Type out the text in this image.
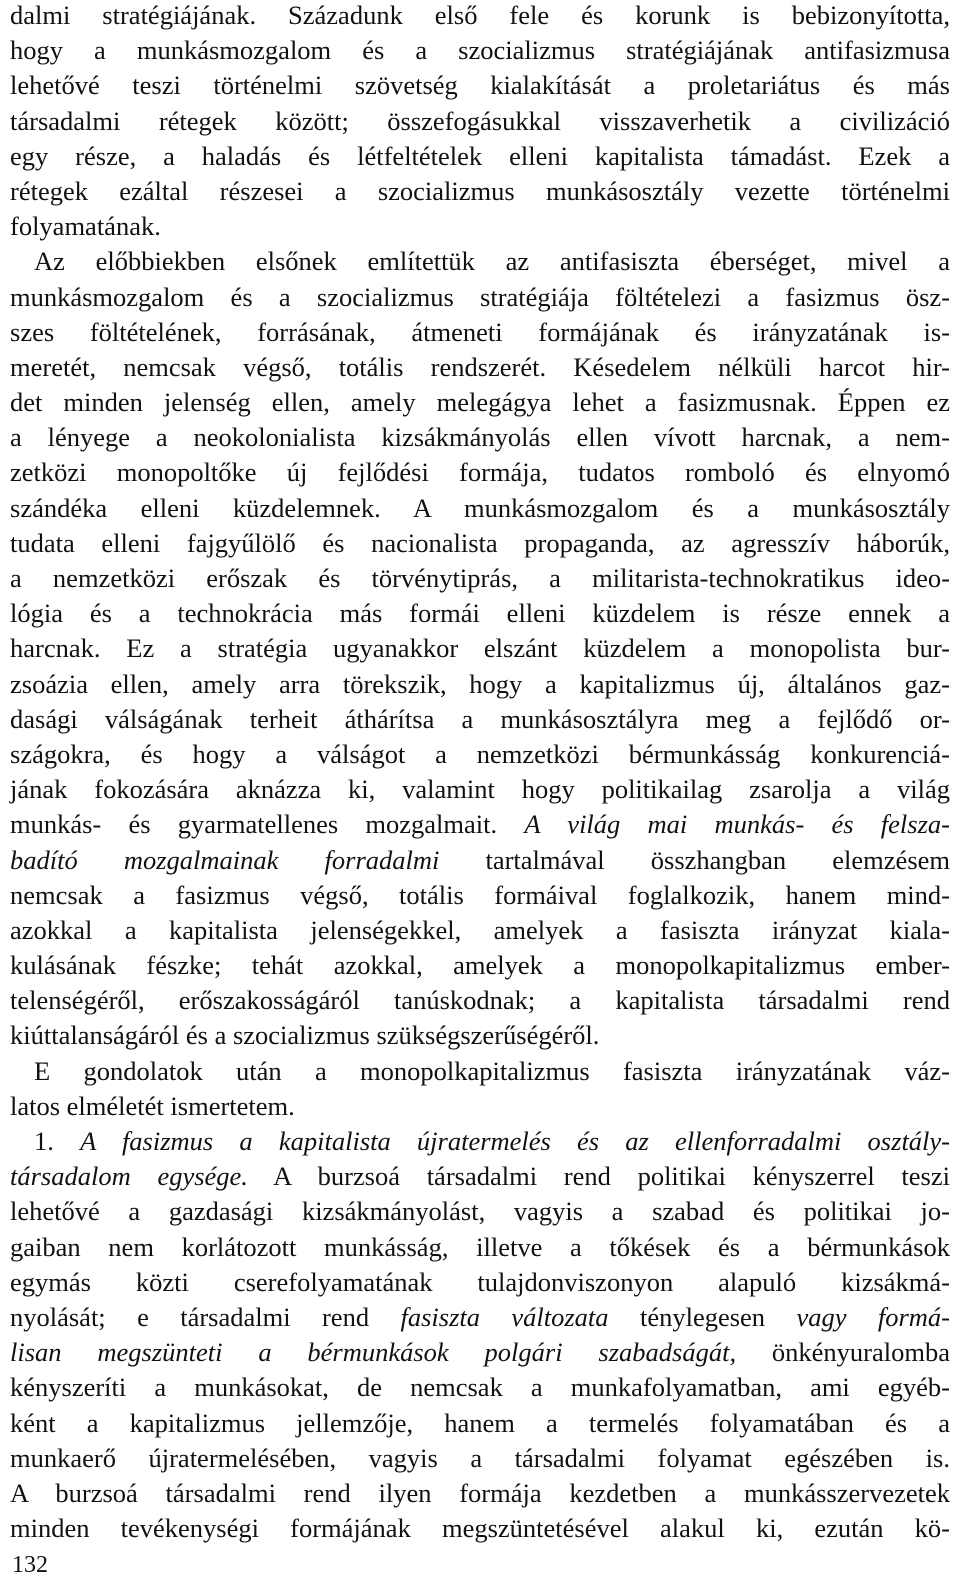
dalmi stratégiájának. Századunk első fele és korunk is bebizonyította,
hogy a munkásmozgalom és a szocializmus stratégiájának antifasizmusa
lehetővé teszi történelmi szövetség kialakítását a proletariátus és más
társadalmi rétegek között; összefogásukkal visszaverhetik a civilizáció
egy része, a haladás és létfeltételek elleni kapitalista támadást. Ezek a
rétegek ezáltal részesei a szocializmus munkásosztály vezette történelmi
folyamatának.
Az előbbiekben elsőnek említettük az antifasiszta éberséget, mivel a
munkásmozgalom és a szocializmus stratégiája föltételezi a fasizmus ösz-
szes föltételének, forrásának, átmeneti formájának és irányzatának is-
meretét, nemcsak végső, totális rendszerét. Késedelem nélküli harcot hir-
det minden jelenség ellen, amely melegágya lehet a fasizmusnak. Éppen ez
a lényege a neokolonialista kizsákmányolás ellen vívott harcnak, a nem-
zetközi monopoltőke új fejlődési formája, tudatos romboló és elnyomó
szándéka elleni küzdelemnek. A munkásmozgalom és a munkásosztály
tudata elleni fajgyűlölő és nacionalista propaganda, az agresszív háborúk,
a nemzetközi erőszak és törvénytiprás, a militarista-technokratikus ideo-
lógia és a technokrácia más formái elleni küzdelem is része ennek a
harcnak. Ez a stratégia ugyanakkor elszánt küzdelem a monopolista bur-
zsoázia ellen, amely arra törekszik, hogy a kapitalizmus új, általános gaz-
dasági válságának terheit áthárítsa a munkásosztályra meg a fejlődő or-
szágokra, és hogy a válságot a nemzetközi bérmunkásság konkurenciá-
jának fokozására aknázza ki, valamint hogy politikailag zsarolja a világ
munkás- és gyarmatellenes mozgalmait. A világ mai munkás- és felsza-
badító mozgalmainak forradalmi tartalmával összhangban elemzésem
nemcsak a fasizmus végső, totális formáival foglalkozik, hanem mind-
azokkal a kapitalista jelenségekkel, amelyek a fasiszta irányzat kiala-
kulásának fészke; tehát azokkal, amelyek a monopolkapitalizmus ember-
telenségéről, erőszakosságáról tanúskodnak; a kapitalista társadalmi rend
kiúttalanságáról és a szocializmus szükségszerűségéről.
E gondolatok után a monopolkapitalizmus fasiszta irányzatának váz-
latos elméletét ismertetem.
1. A fasizmus a kapitalista újratermelés és az ellenforradalmi osztály-
társadalom egysége. A burzsoá társadalmi rend politikai kényszerrel teszi
lehetővé a gazdasági kizsákmányolást, vagyis a szabad és politikai jo-
gaiban nem korlátozott munkásság, illetve a tőkések és a bérmunkások
egymás közti cserefolyamatának tulajdonviszonyon alapuló kizsákmá-
nyolását; e társadalmi rend fasiszta változata ténylegesen vagy formá-
lisan megszünteti a bérmunkások polgári szabadságát, önkényuralomba
kényszeríti a munkásokat, de nemcsak a munkafolyamatban, ami egyéb-
ként a kapitalizmus jellemzője, hanem a termelés folyamatában és a
munkaerő újratermelésében, vagyis a társadalmi folyamat egészében is.
A burzsoá társadalmi rend ilyen formája kezdetben a munkásszervezetek
minden tevékenységi formájának megszüntetésével alakul ki, ezután kö-
132
